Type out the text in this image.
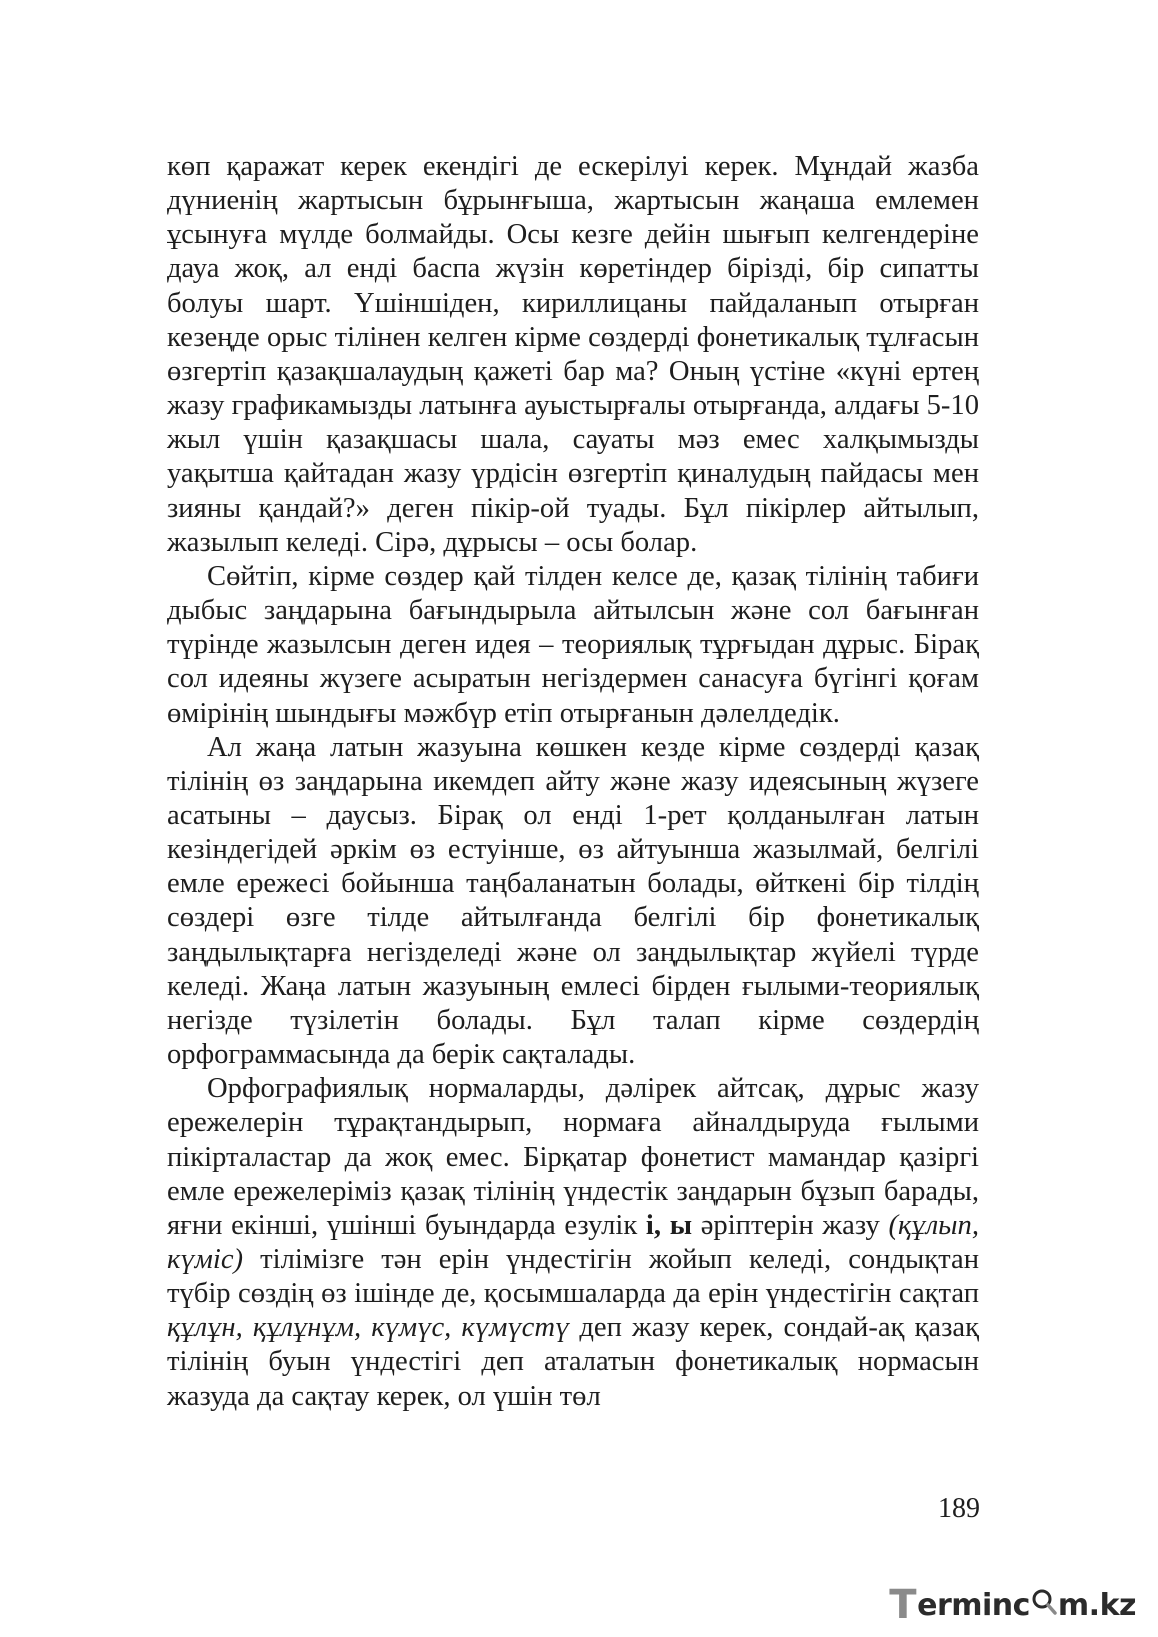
көп қаражат керек екендігі де ескерілуі керек. Мұндай жазба дүниенің жартысын бұрынғыша, жартысын жаңаша емлемен ұсынуға мүлде болмайды. Осы кезге дейін шығып келгендеріне дауа жоқ, ал енді баспа жүзін көретіндер бірізді, бір сипатты болуы шарт. Үшіншіден, кириллицаны пайдаланып отырған кезеңде орыс тілінен келген кірме сөздерді фонетикалық тұлғасын өзгертіп қазақшалаудың қажеті бар ма? Оның үстіне «күні ертең жазу графикамызды латынға ауыстырғалы отырғанда, алдағы 5-10 жыл үшін қазақшасы шала, сауаты мәз емес халқымызды уақытша қайтадан жазу үрдісін өзгертіп қиналудың пайдасы мен зияны қандай?» деген пікір-ой туады. Бұл пікірлер айтылып, жазылып келеді. Сірә, дұрысы – осы болар.

Сөйтіп, кірме сөздер қай тілден келсе де, қазақ тілінің табиғи дыбыс заңдарына бағындырыла айтылсын және сол бағынған түрінде жазылсын деген идея – теориялық тұрғыдан дұрыс. Бірақ сол идеяны жүзеге асыратын негіздермен санасуға бүгінгі қоғам өмірінің шындығы мәжбүр етіп отырғанын дәлелдедік.

Ал жаңа латын жазуына көшкен кезде кірме сөздерді қазақ тілінің өз заңдарына икемдеп айту және жазу идеясының жүзеге асатыны – даусыз. Бірақ ол енді 1-рет қолданылған латын кезіндегідей әркім өз естуінше, өз айтуынша жазылмай, белгілі емле ережесі бойынша таңбаланатын болады, өйткені бір тілдің сөздері өзге тілде айтылғанда белгілі бір фонетикалық заңдылықтарға негізделеді және ол заңдылықтар жүйелі түрде келеді. Жаңа латын жазуының емлесі бірден ғылыми-теориялық негізде түзілетін болады. Бұл талап кірме сөздердің орфограммасында да берік сақталады.

Орфографиялық нормаларды, дәлірек айтсақ, дұрыс жазу ережелерін тұрақтандырып, нормаға айналдыруда ғылыми пікірталастар да жоқ емес. Бірқатар фонетист мамандар қазіргі емле ережелеріміз қазақ тілінің үндестік заңдарын бұзып барады, яғни екінші, үшінші буындарда езулік і, ы әріптерін жазу (құлып, күміс) тілімізге тән ерін үндестігін жойып келеді, сондықтан түбір сөздің өз ішінде де, қосымшаларда да ерін үндестігін сақтап құлұн, құлұнұм, күмүс, күмүстү деп жазу керек, сондай-ақ қазақ тілінің буын үндестігі деп аталатын фонетикалық нормасын жазуда да сақтау керек, ол үшін төл

189
T erminc m.kz
